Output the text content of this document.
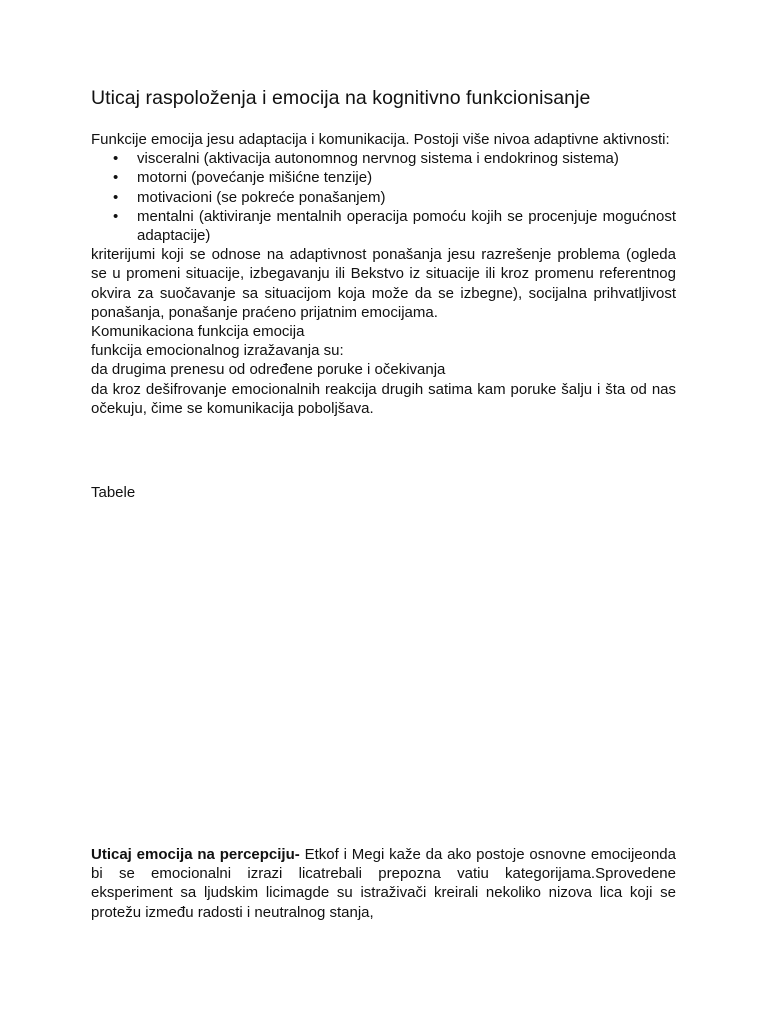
Uticaj raspoloženja i emocija na kognitivno funkcionisanje

Funkcije emocija jesu adaptacija i komunikacija. Postoji više nivoa adaptivne aktivnosti:

•	visceralni (aktivacija autonomnog nervnog sistema i endokrinog sistema)
•	motorni (povećanje mišićne tenzije)
•	motivacioni (se pokreće ponašanjem)
•	mentalni (aktiviranje mentalnih operacija pomoću kojih se procenjuje mogućnost adaptacije)

kriterijumi koji se odnose na adaptivnost ponašanja jesu razrešenje problema (ogleda se u promeni situacije, izbegavanju ili Bekstvo iz situacije ili kroz promenu referentnog okvira za suočavanje sa situacijom koja može da se izbegne), socijalna prihvatljivost ponašanja, ponašanje praćeno prijatnim emocijama.

Komunikaciona funkcija emocija

funkcija emocionalnog izražavanja su:

da drugima prenesu od određene poruke i očekivanja

da kroz dešifrovanje emocionalnih reakcija drugih satima kam poruke šalju i šta od nas očekuju, čime se komunikacija poboljšava.

Tabele

Uticaj emocija na percepciju- Etkof i Megi kaže da ako postoje osnovne emocijeonda bi se emocionalni izrazi licatrebali prepozna vatiu kategorijama.Sprovedene eksperiment sa ljudskim licimagde su istraživači kreirali nekoliko nizova lica koji se protežu između radosti i neutralnog stanja,
